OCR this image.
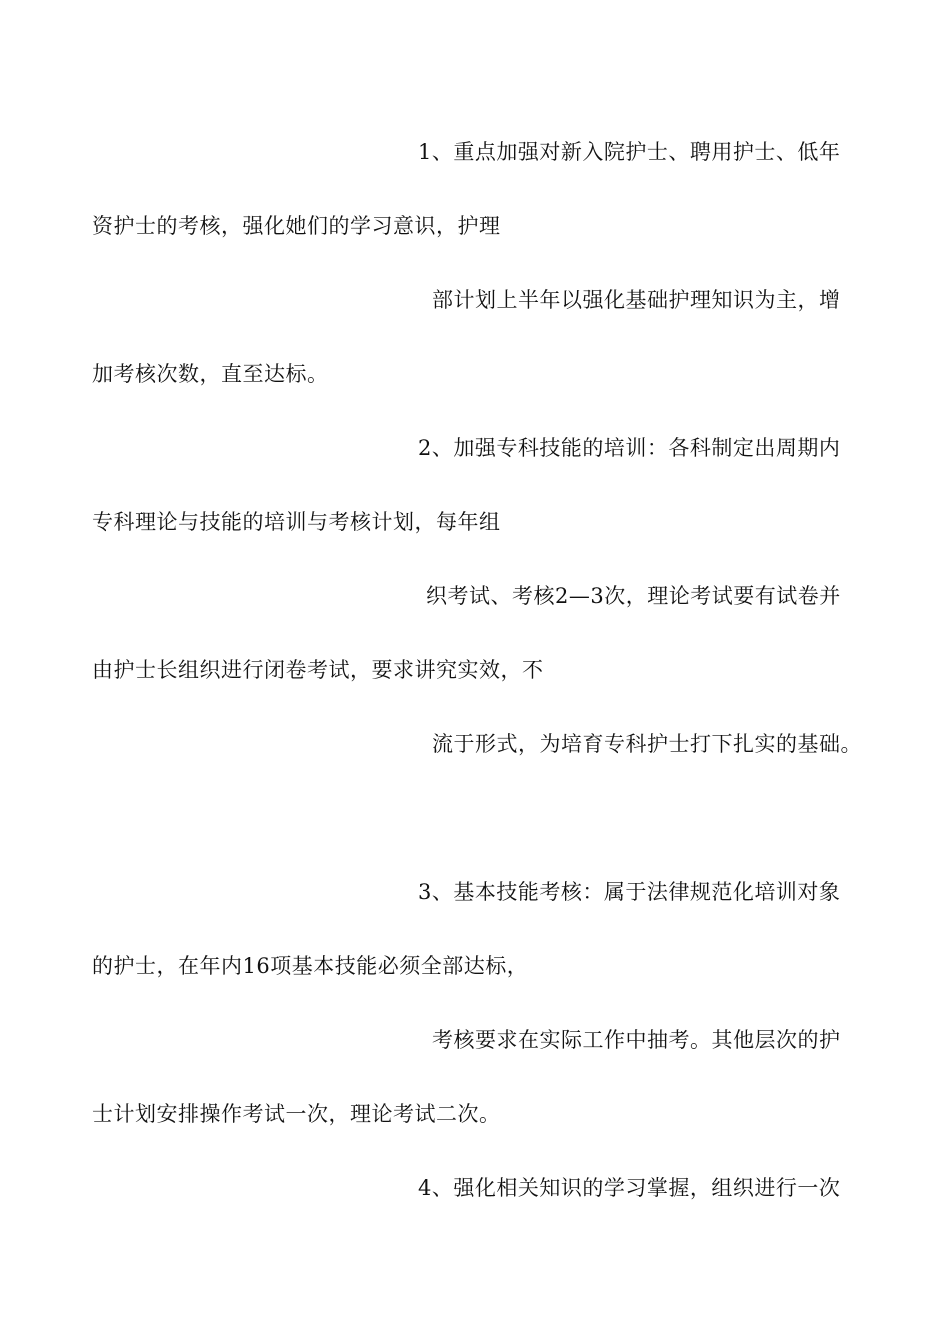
1、重点加强对新入院护士、聘用护士、低年
资护士的考核，强化她们的学习意识，护理
部计划上半年以强化基础护理知识为主，增
加考核次数，直至达标。
2、加强专科技能的培训：各科制定出周期内
专科理论与技能的培训与考核计划，每年组
织考试、考核2—3次，理论考试要有试卷并
由护士长组织进行闭卷考试，要求讲究实效，不
流于形式，为培育专科护士打下扎实的基础。
3、基本技能考核：属于法律规范化培训对象
的护士，在年内16项基本技能必须全部达标，
考核要求在实际工作中抽考。其他层次的护
士计划安排操作考试一次，理论考试二次。
4、强化相关知识的学习掌握，组织进行一次
